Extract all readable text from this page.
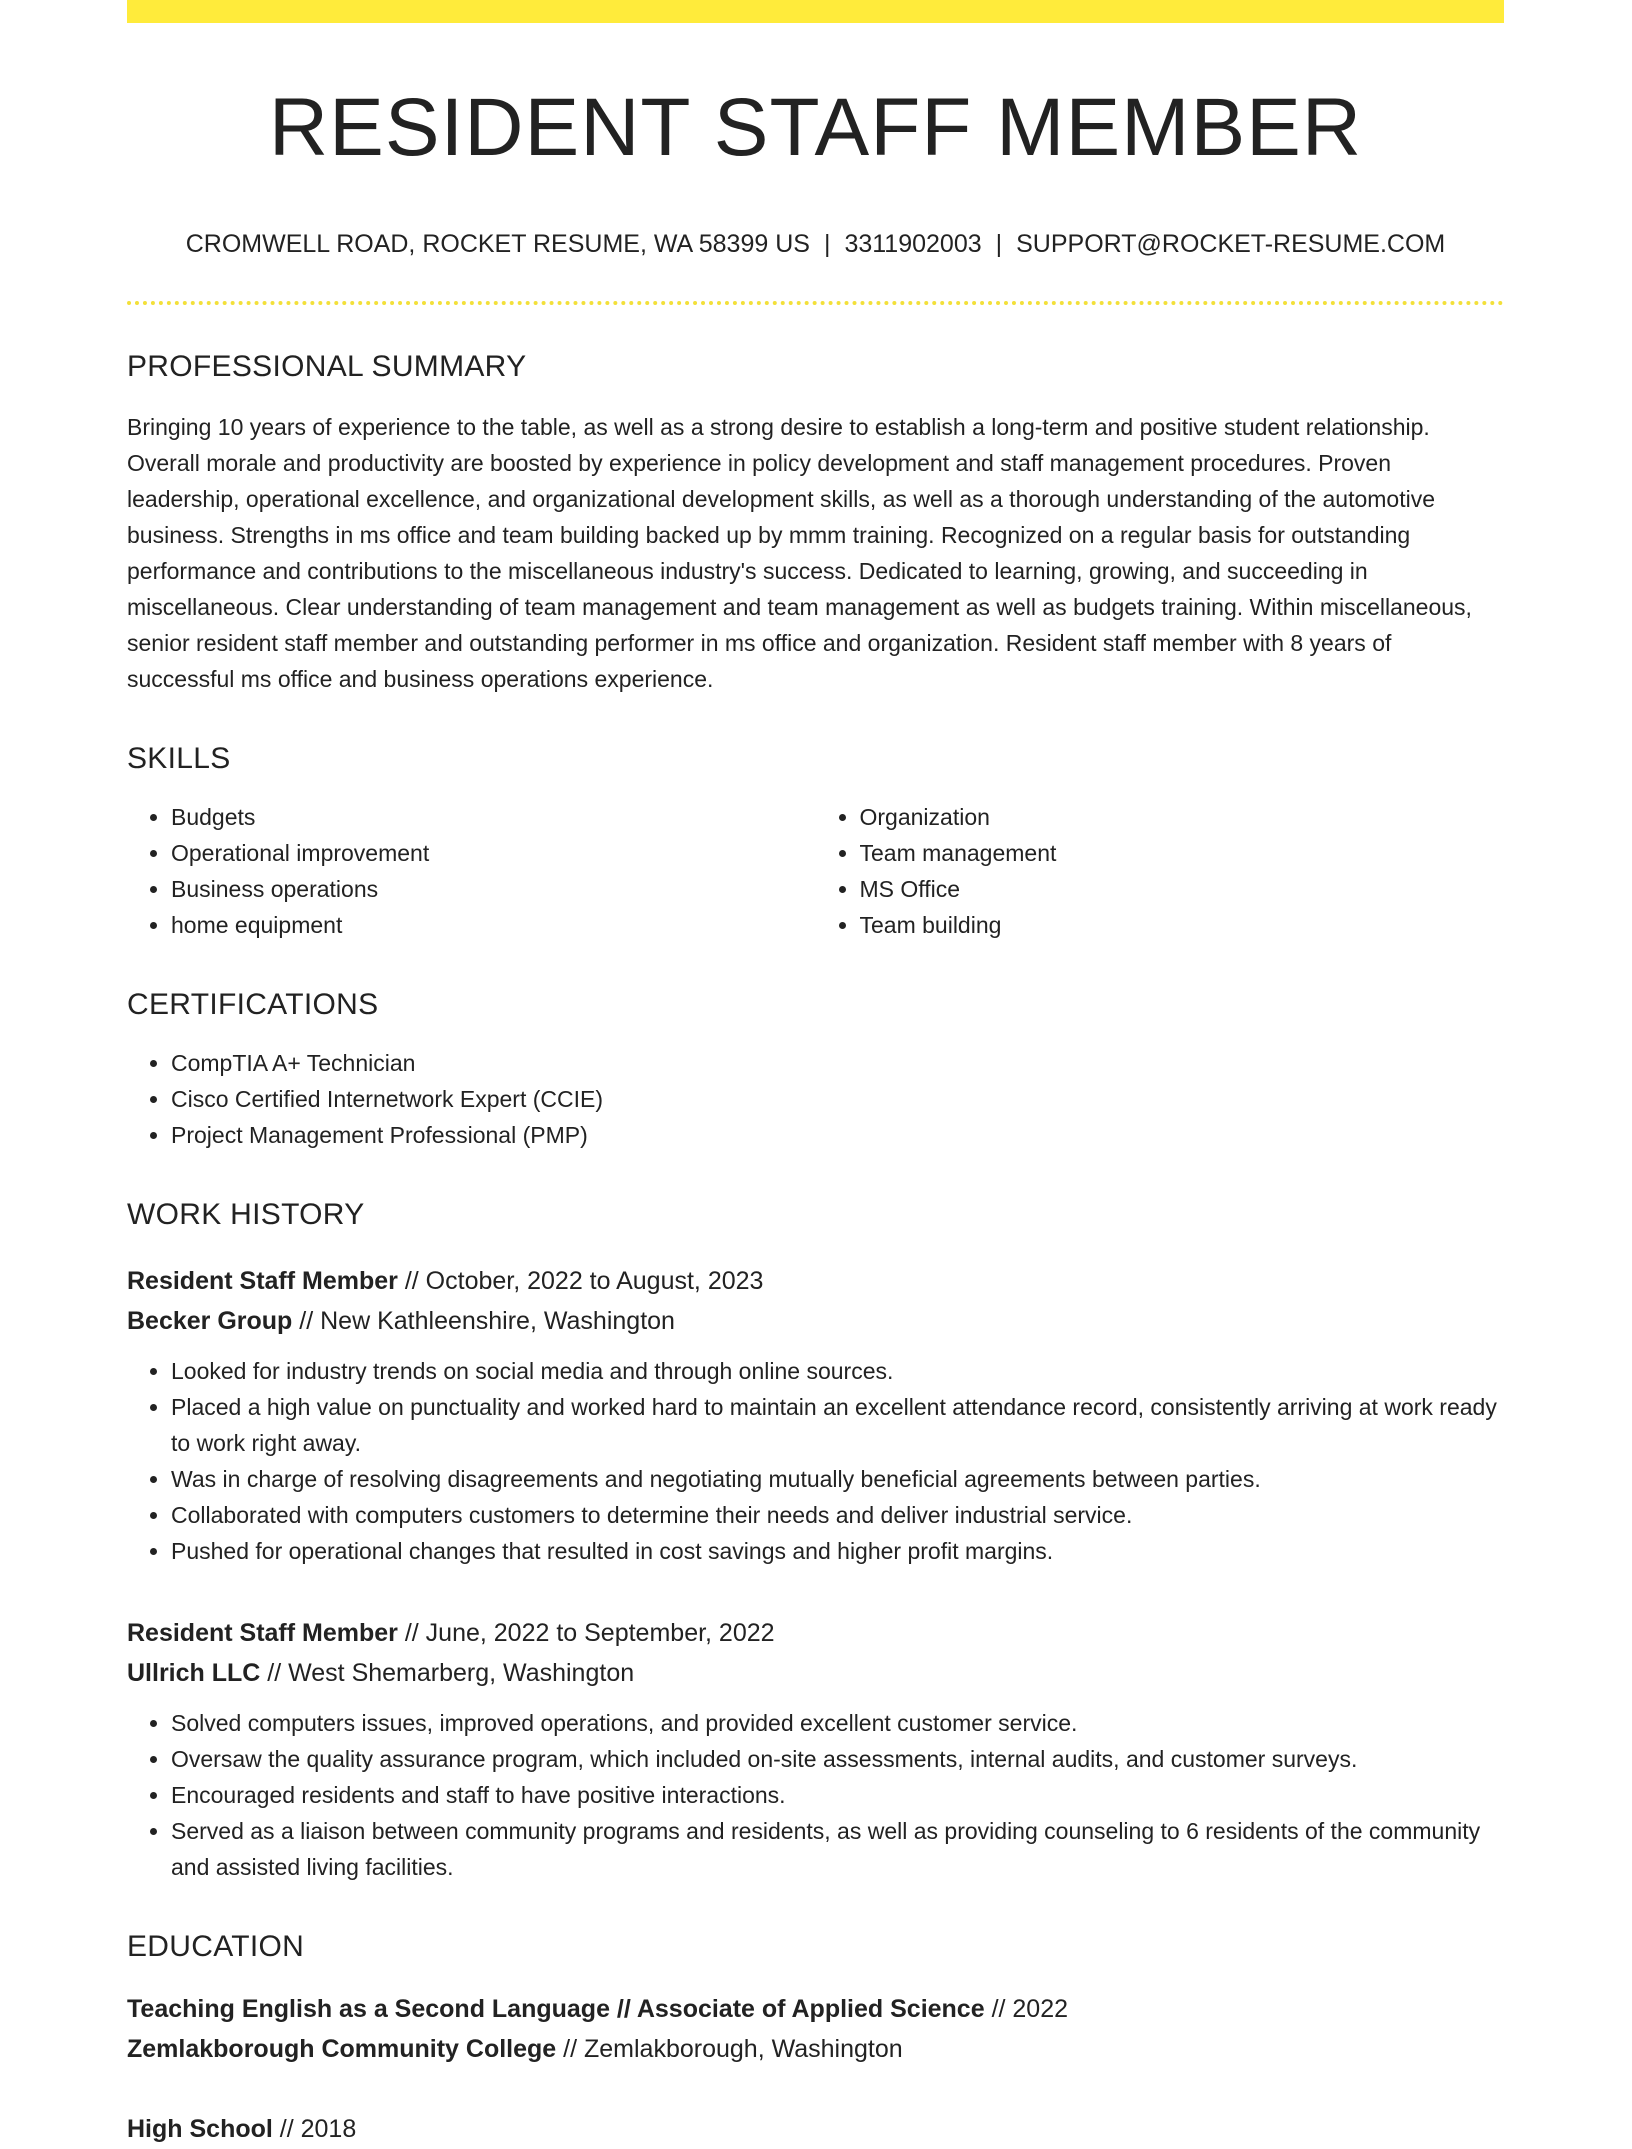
RESIDENT STAFF MEMBER
CROMWELL ROAD, ROCKET RESUME, WA 58399 US | 3311902003 | SUPPORT@ROCKET-RESUME.COM
PROFESSIONAL SUMMARY
Bringing 10 years of experience to the table, as well as a strong desire to establish a long-term and positive student relationship. Overall morale and productivity are boosted by experience in policy development and staff management procedures. Proven leadership, operational excellence, and organizational development skills, as well as a thorough understanding of the automotive business. Strengths in ms office and team building backed up by mmm training. Recognized on a regular basis for outstanding performance and contributions to the miscellaneous industry's success. Dedicated to learning, growing, and succeeding in miscellaneous. Clear understanding of team management and team management as well as budgets training. Within miscellaneous, senior resident staff member and outstanding performer in ms office and organization. Resident staff member with 8 years of successful ms office and business operations experience.
SKILLS
• Budgets
• Operational improvement
• Business operations
• home equipment
• Organization
• Team management
• MS Office
• Team building
CERTIFICATIONS
• CompTIA A+ Technician
• Cisco Certified Internetwork Expert (CCIE)
• Project Management Professional (PMP)
WORK HISTORY
Resident Staff Member // October, 2022 to August, 2023
Becker Group // New Kathleenshire, Washington
• Looked for industry trends on social media and through online sources.
• Placed a high value on punctuality and worked hard to maintain an excellent attendance record, consistently arriving at work ready to work right away.
• Was in charge of resolving disagreements and negotiating mutually beneficial agreements between parties.
• Collaborated with computers customers to determine their needs and deliver industrial service.
• Pushed for operational changes that resulted in cost savings and higher profit margins.
Resident Staff Member // June, 2022 to September, 2022
Ullrich LLC // West Shemarberg, Washington
• Solved computers issues, improved operations, and provided excellent customer service.
• Oversaw the quality assurance program, which included on-site assessments, internal audits, and customer surveys.
• Encouraged residents and staff to have positive interactions.
• Served as a liaison between community programs and residents, as well as providing counseling to 6 residents of the community and assisted living facilities.
EDUCATION
Teaching English as a Second Language // Associate of Applied Science // 2022
Zemlakborough Community College // Zemlakborough, Washington
High School // 2018
